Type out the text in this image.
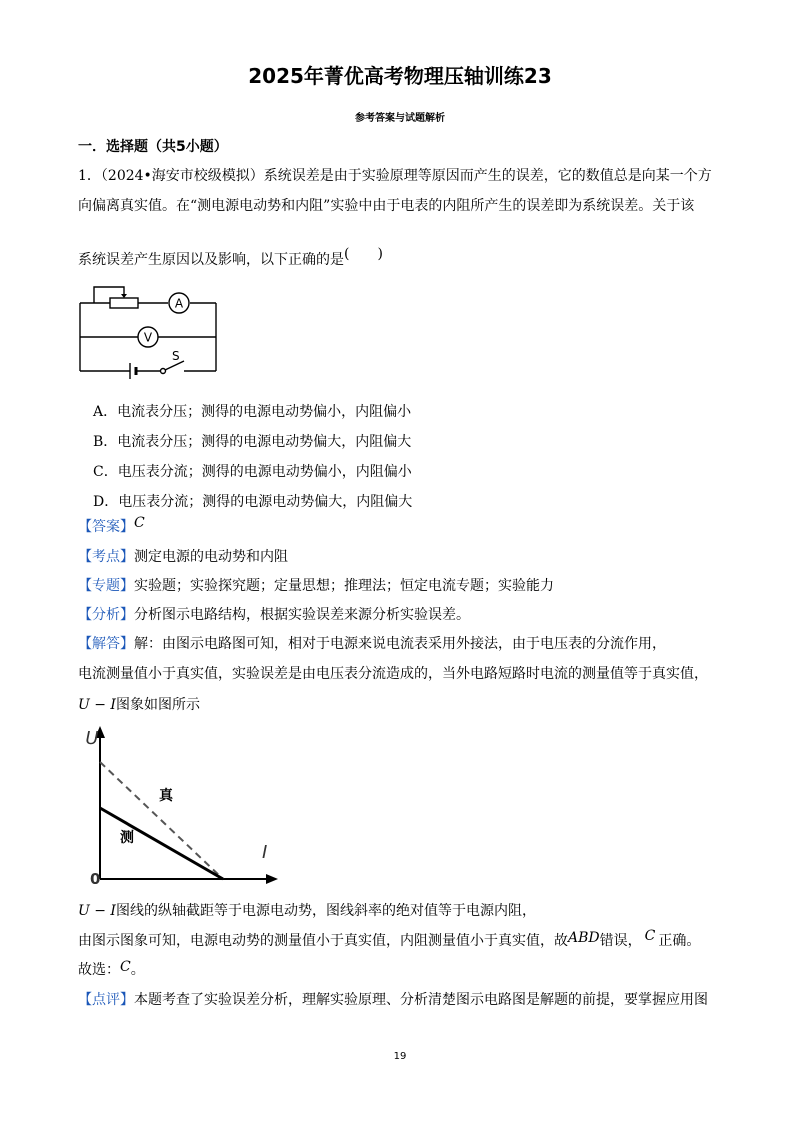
2025年菁优高考物理压轴训练23
参考答案与试题解析
一．选择题（共5小题）
1．（2024•海安市校级模拟）系统误差是由于实验原理等原因而产生的误差，它的数值总是向某一个方
向偏离真实值。在“测电源电动势和内阻”实验中由于电表的内阻所产生的误差即为系统误差。关于该
系统误差产生原因以及影响，以下正确的是(　　)
A
V
S
A．电流表分压；测得的电源电动势偏小，内阻偏小
B．电流表分压；测得的电源电动势偏大，内阻偏大
C．电压表分流；测得的电源电动势偏小，内阻偏小
D．电压表分流；测得的电源电动势偏大，内阻偏大
【答案】C
【考点】测定电源的电动势和内阻
【专题】实验题；实验探究题；定量思想；推理法；恒定电流专题；实验能力
【分析】分析图示电路结构，根据实验误差来源分析实验误差。
【解答】解：由图示电路图可知，相对于电源来说电流表采用外接法，由于电压表的分流作用，
电流测量值小于真实值，实验误差是由电压表分流造成的，当外电路短路时电流的测量值等于真实值，
U − I图象如图所示
U
I
0
真
测
U − I图线的纵轴截距等于电源电动势，图线斜率的绝对值等于电源内阻，
由图示图象可知，电源电动势的测量值小于真实值，内阻测量值小于真实值，故ABD错误， C 正确。
故选：C。
【点评】本题考查了实验误差分析，理解实验原理、分析清楚图示电路图是解题的前提，要掌握应用图
19
